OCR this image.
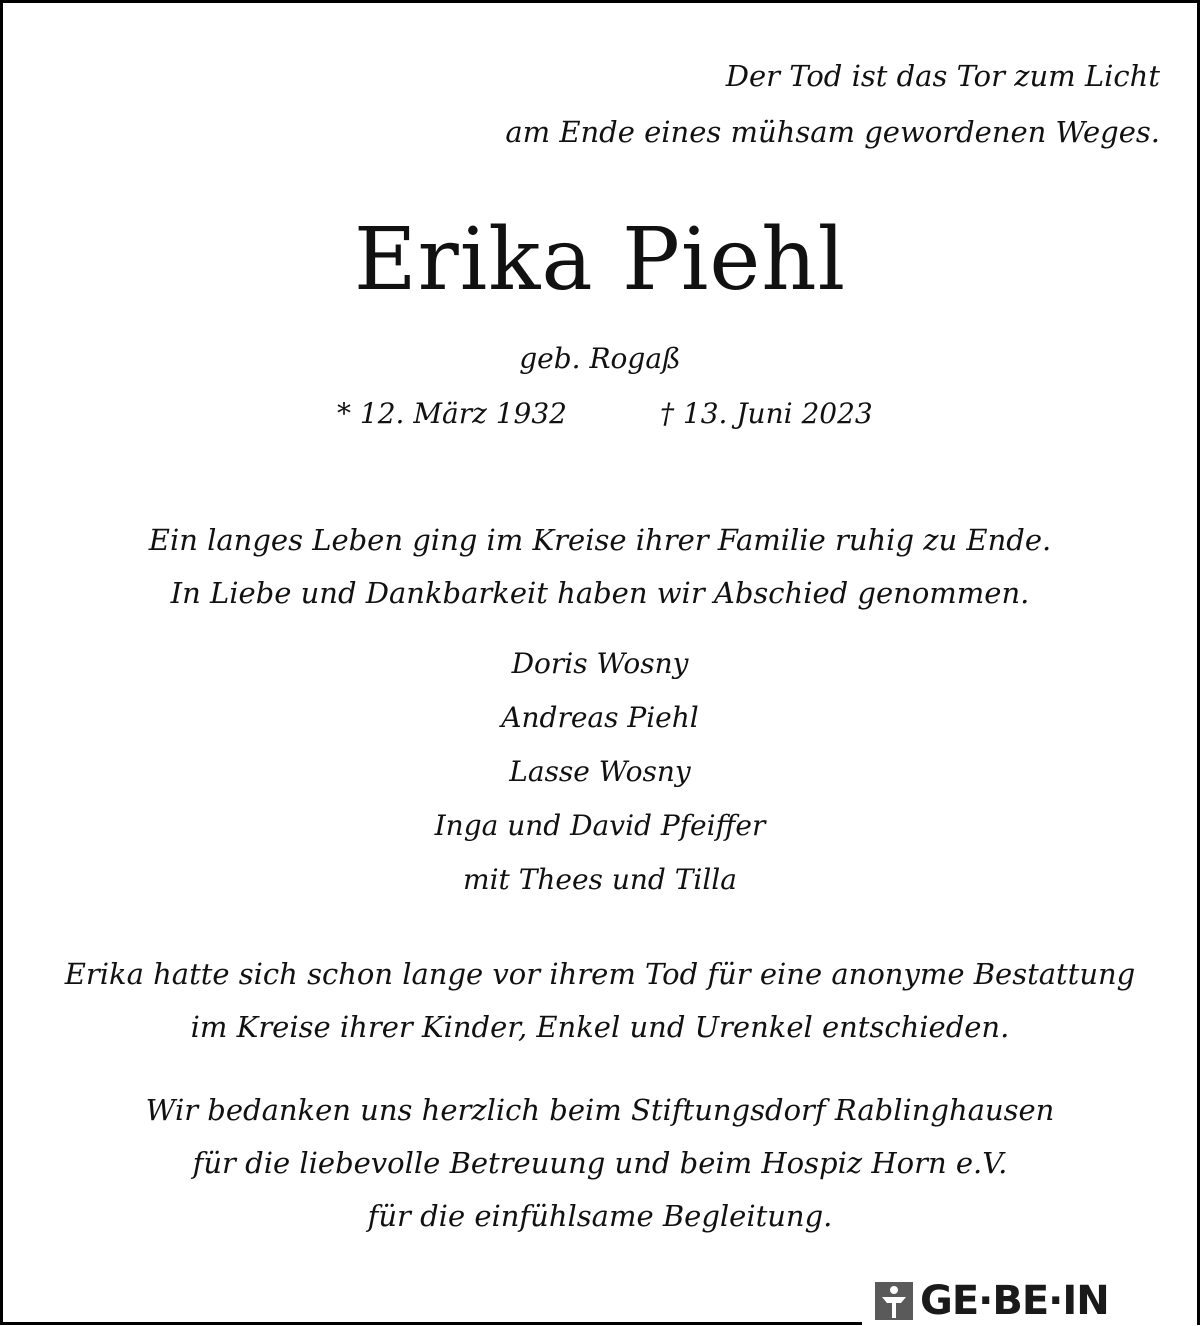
Der Tod ist das Tor zum Licht
am Ende eines mühsam gewordenen Weges.
Erika Piehl
geb. Rogaß
* 12. März 1932	† 13. Juni 2023
Ein langes Leben ging im Kreise ihrer Familie ruhig zu Ende.
In Liebe und Dankbarkeit haben wir Abschied genommen.
Doris Wosny
Andreas Piehl
Lasse Wosny
Inga und David Pfeiffer
mit Thees und Tilla
Erika hatte sich schon lange vor ihrem Tod für eine anonyme Bestattung
im Kreise ihrer Kinder, Enkel und Urenkel entschieden.
Wir bedanken uns herzlich beim Stiftungsdorf Rablinghausen
für die liebevolle Betreuung und beim Hospiz Horn e.V.
für die einfühlsame Begleitung.
GE·BE·IN
